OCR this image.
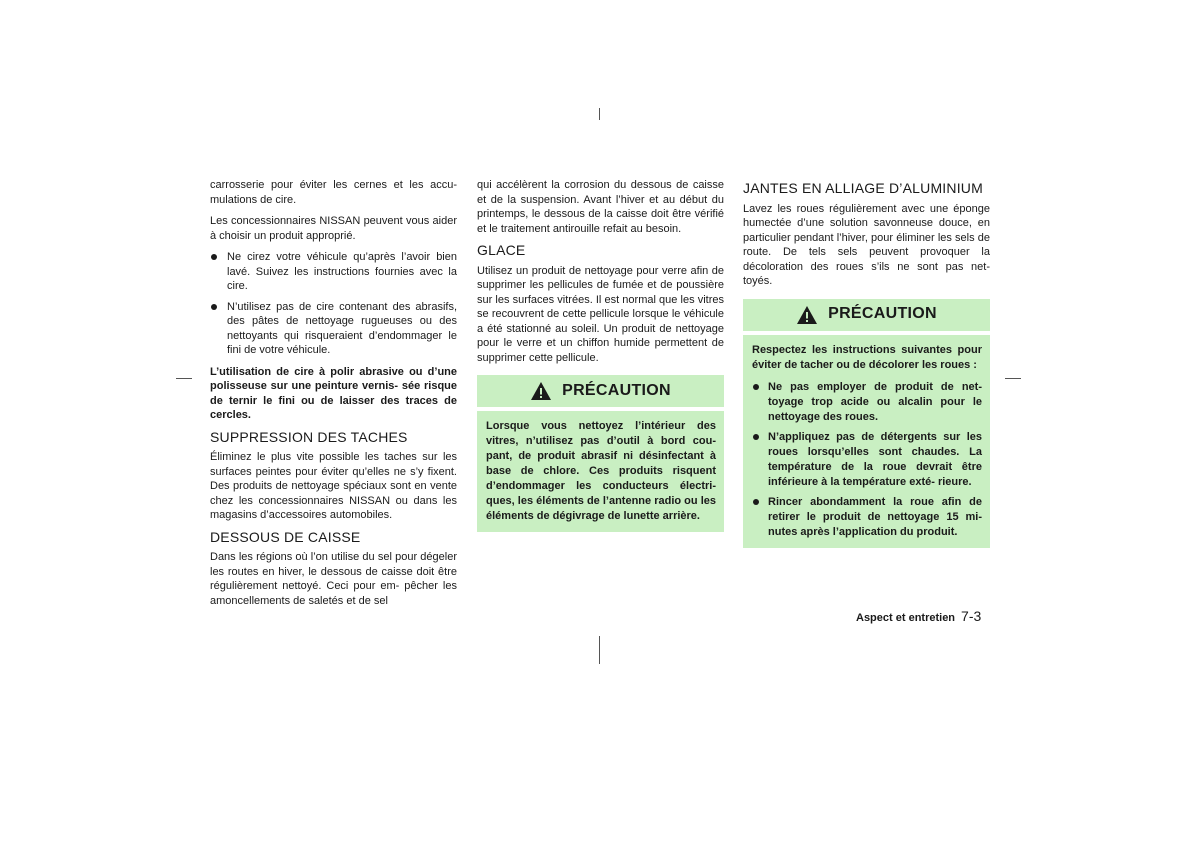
carrosserie pour éviter les cernes et les accu- mulations de cire.

Les concessionnaires NISSAN peuvent vous aider à choisir un produit approprié.

Ne cirez votre véhicule qu’après l’avoir bien lavé. Suivez les instructions fournies avec la cire.
N’utilisez pas de cire contenant des abrasifs, des pâtes de nettoyage rugueuses ou des nettoyants qui risqueraient d’endommager le fini de votre véhicule.

L’utilisation de cire à polir abrasive ou d’une polisseuse sur une peinture vernis- sée risque de ternir le fini ou de laisser des traces de cercles.

SUPPRESSION DES TACHES

Éliminez le plus vite possible les taches sur les surfaces peintes pour éviter qu’elles ne s’y fixent. Des produits de nettoyage spéciaux sont en vente chez les concessionnaires NISSAN ou dans les magasins d’accessoires automobiles.

DESSOUS DE CAISSE

Dans les régions où l’on utilise du sel pour dégeler les routes en hiver, le dessous de caisse doit être régulièrement nettoyé. Ceci pour em- pêcher les amoncellements de saletés et de sel

qui accélèrent la corrosion du dessous de caisse et de la suspension. Avant l’hiver et au début du printemps, le dessous de la caisse doit être vérifié et le traitement antirouille refait au besoin.

GLACE

Utilisez un produit de nettoyage pour verre afin de supprimer les pellicules de fumée et de poussière sur les surfaces vitrées. Il est normal que les vitres se recouvrent de cette pellicule lorsque le véhicule a été stationné au soleil. Un produit de nettoyage pour le verre et un chiffon humide permettent de supprimer cette pellicule.

PRÉCAUTION

Lorsque vous nettoyez l’intérieur des vitres, n’utilisez pas d’outil à bord cou- pant, de produit abrasif ni désinfectant à base de chlore. Ces produits risquent d’endommager les conducteurs électri- ques, les éléments de l’antenne radio ou les éléments de dégivrage de lunette arrière.

JANTES EN ALLIAGE D’ALUMINIUM

Lavez les roues régulièrement avec une éponge humectée d’une solution savonneuse douce, en particulier pendant l’hiver, pour éliminer les sels de route. De tels sels peuvent provoquer la décoloration des roues s’ils ne sont pas net- toyés.

PRÉCAUTION

Respectez les instructions suivantes pour éviter de tacher ou de décolorer les roues :

Ne pas employer de produit de net- toyage trop acide ou alcalin pour le nettoyage des roues.
N’appliquez pas de détergents sur les roues lorsqu’elles sont chaudes. La température de la roue devrait être inférieure à la température exté- rieure.
Rincer abondamment la roue afin de retirer le produit de nettoyage 15 mi- nutes après l’application du produit.
Aspect et entretien 7-3
